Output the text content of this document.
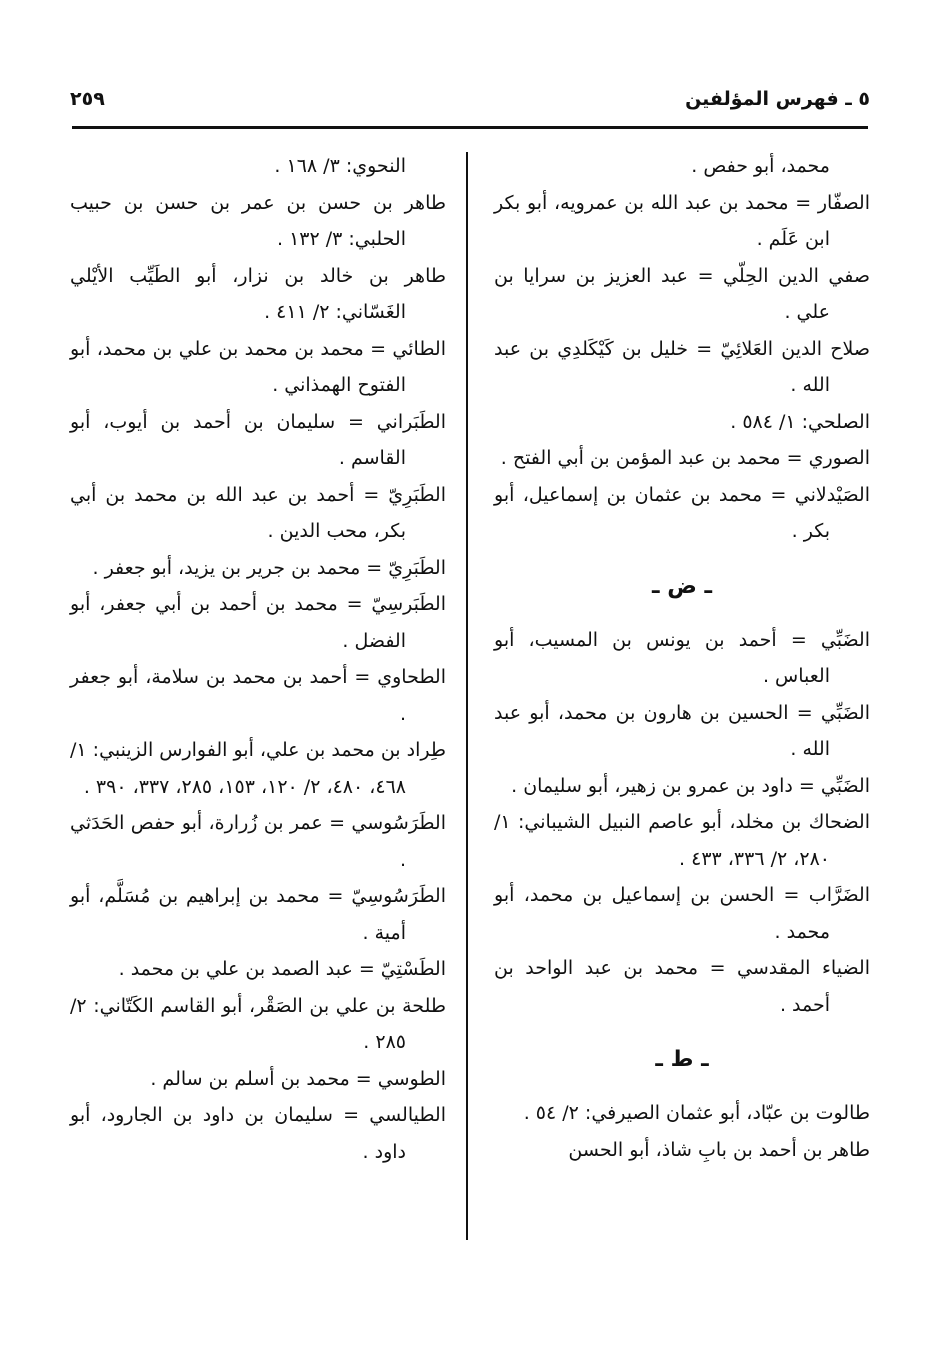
٥ ـ فهرس المؤلفين
٢٥٩

محمد، أبو حفص .

الصفّار = محمد بن عبد الله بن عمرويه، أبو بكر ابن عَلَم .

صفي الدين الحِلّي = عبد العزيز بن سرايا بن علي .

صلاح الدين العَلائِيّ = خليل بن كَيْكَلدِي بن عبد الله .

الصلحي: ١/ ٥٨٤ .

الصوري = محمد بن عبد المؤمن بن أبي الفتح .

الصَيْدلاني = محمد بن عثمان بن إسماعيل، أبو بكر .

ـ ض ـ

الضَبِّي = أحمد بن يونس بن المسيب، أبو العباس .

الضَبِّي = الحسين بن هارون بن محمد، أبو عبد الله .

الضَبِّي = داود بن عمرو بن زهير، أبو سليمان .

الضحاك بن مخلد، أبو عاصم النبيل الشيباني: ١/ ٢٨٠، ٢/ ٣٣٦، ٤٣٣ .

الضَرَّاب = الحسن بن إسماعيل بن محمد، أبو محمد .

الضياء المقدسي = محمد بن عبد الواحد بن أحمد .

ـ ط ـ

طالوت بن عبّاد، أبو عثمان الصيرفي: ٢/ ٥٤ .

طاهر بن أحمد بن بابِ شاذ، أبو الحسن

النحوي: ٣/ ١٦٨ .

طاهر بن حسن بن عمر بن حسن بن حبيب الحلبي: ٣/ ١٣٢ .

طاهر بن خالد بن نزار، أبو الطَيِّب الأيْلي الغَسّاني: ٢/ ٤١١ .

الطائي = محمد بن محمد بن علي بن محمد، أبو الفتوح الهمذاني .

الطَبَراني = سليمان بن أحمد بن أيوب، أبو القاسم .

الطَبَرِيّ = أحمد بن عبد الله بن محمد بن أبي بكر، محب الدين .

الطَبَرِيّ = محمد بن جرير بن يزيد، أبو جعفر .

الطَبَرسِيّ = محمد بن أحمد بن أبي جعفر، أبو الفضل .

الطحاوي = أحمد بن محمد بن سلامة، أبو جعفر .

طِراد بن محمد بن علي، أبو الفوارس الزينبي: ١/ ٤٦٨، ٤٨٠، ٢/ ١٢٠، ١٥٣، ٢٨٥، ٣٣٧، ٣٩٠ .

الطَرَسُوسي = عمر بن زُرارة، أبو حفص الحَدَثي .

الطَرَسُوسِيّ = محمد بن إبراهيم بن مُسَلَّم، أبو أمية .

الطَسْتِيّ = عبد الصمد بن علي بن محمد .

طلحة بن علي بن الصَقْر، أبو القاسم الكَتّاني: ٢/ ٢٨٥ .

الطوسي = محمد بن أسلم بن سالم .

الطيالسي = سليمان بن داود بن الجارود، أبو داود .
